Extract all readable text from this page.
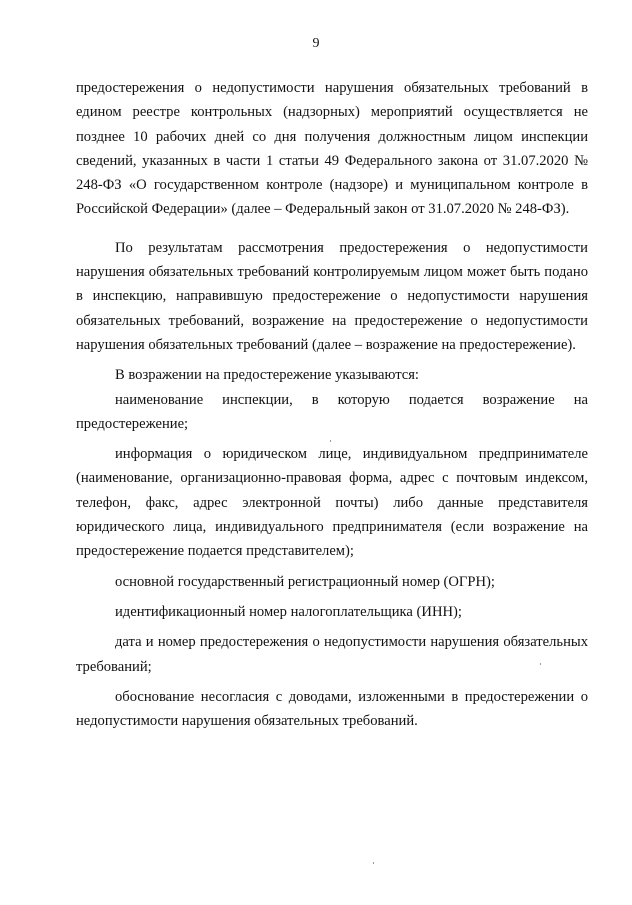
9

предостережения о недопустимости нарушения обязательных требований в едином реестре контрольных (надзорных) мероприятий осуществляется не позднее 10 рабочих дней со дня получения должностным лицом инспекции сведений, указанных в части 1 статьи 49 Федерального закона от 31.07.2020 № 248-ФЗ «О государственном контроле (надзоре) и муниципальном контроле в Российской Федерации» (далее – Федеральный закон от 31.07.2020 № 248-ФЗ).

По результатам рассмотрения предостережения о недопустимости нарушения обязательных требований контролируемым лицом может быть подано в инспекцию, направившую предостережение о недопустимости нарушения обязательных требований, возражение на предостережение о недопустимости нарушения обязательных требований (далее – возражение на предостережение).

В возражении на предостережение указываются:

наименование инспекции, в которую подается возражение на предостережение;

информация о юридическом лице, индивидуальном предпринимателе (наименование, организационно-правовая форма, адрес с почтовым индексом, телефон, факс, адрес электронной почты) либо данные представителя юридического лица, индивидуального предпринимателя (если возражение на предостережение подается представителем);

основной государственный регистрационный номер (ОГРН);

идентификационный номер налогоплательщика (ИНН);

дата и номер предостережения о недопустимости нарушения обязательных требований;

обоснование несогласия с доводами, изложенными в предостережении о недопустимости нарушения обязательных требований.
